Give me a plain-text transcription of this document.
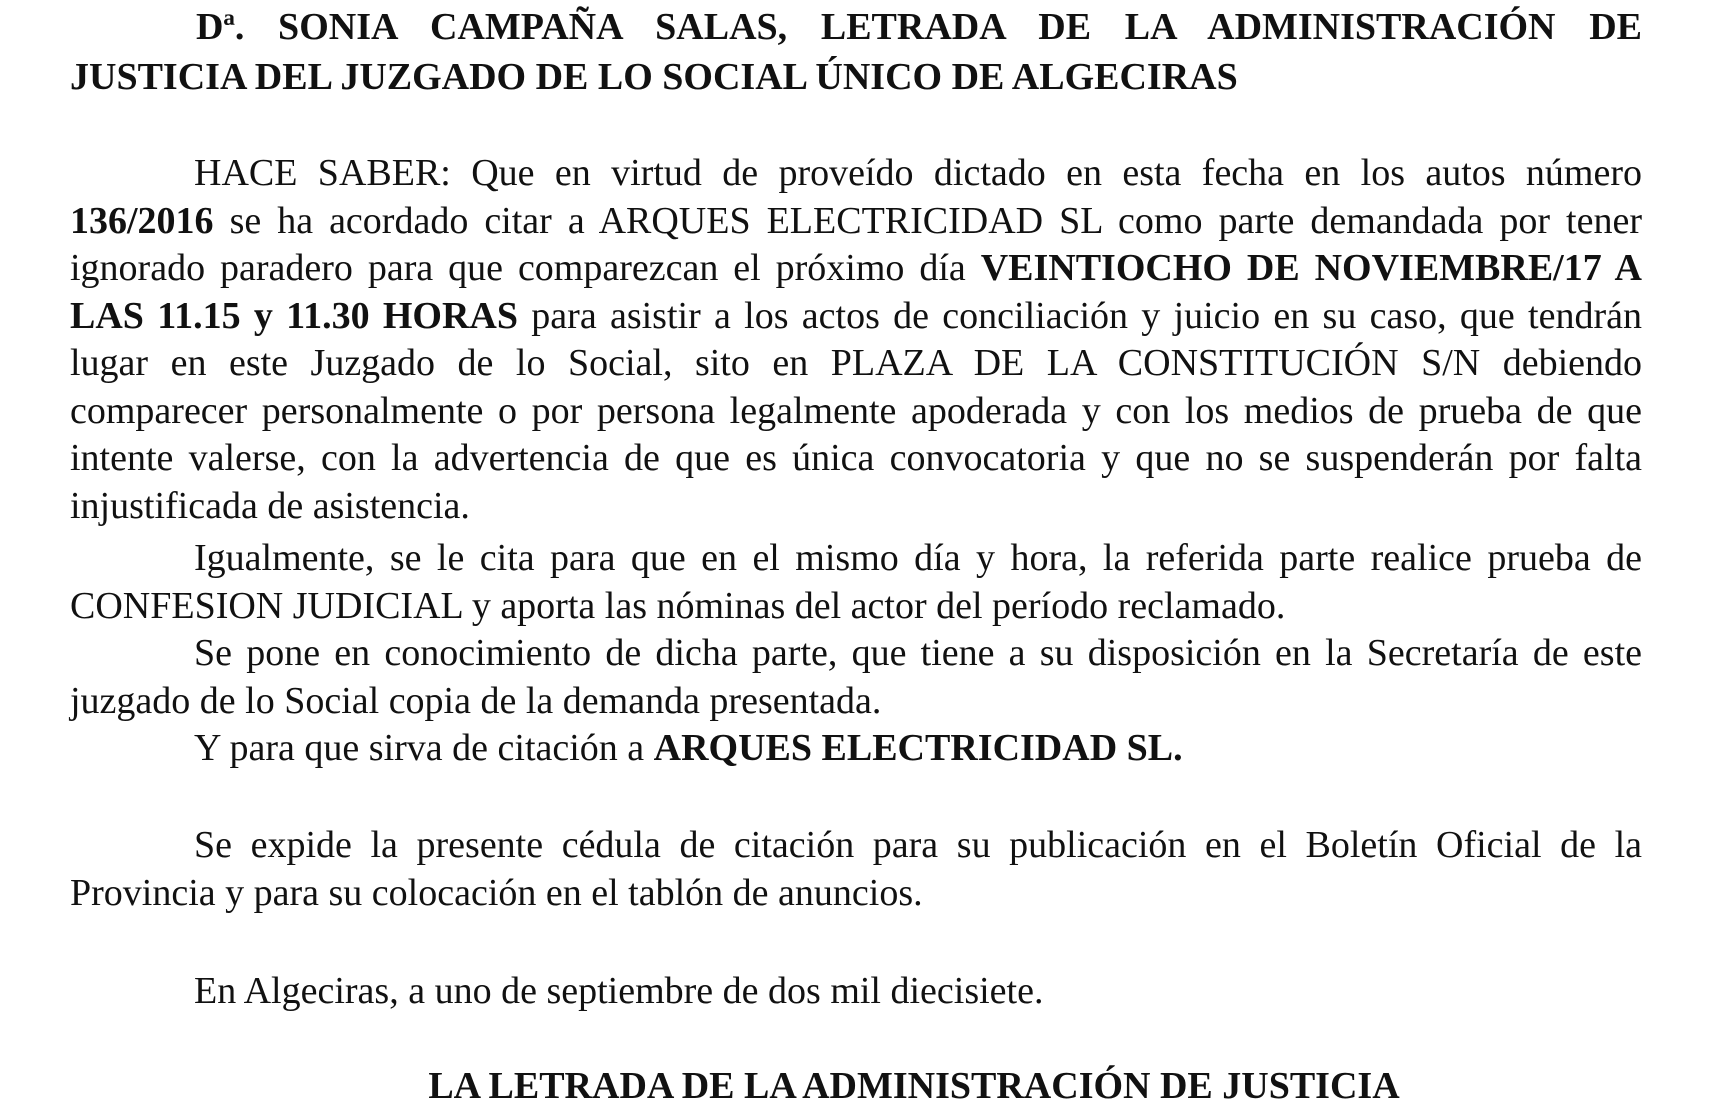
Dª. SONIA CAMPAÑA SALAS, LETRADA DE LA ADMINISTRACIÓN DE
JUSTICIA DEL JUZGADO DE LO SOCIAL ÚNICO DE ALGECIRAS

HACE SABER: Que en virtud de proveído dictado en esta fecha en los autos número 136/2016 se ha acordado citar a ARQUES ELECTRICIDAD SL como parte demandada por tener ignorado paradero para que comparezcan el próximo día VEINTIOCHO DE NOVIEMBRE/17 A LAS 11.15 y 11.30 HORAS para asistir a los actos de conciliación y juicio en su caso, que tendrán lugar en este Juzgado de lo Social, sito en PLAZA DE LA CONSTITUCIÓN S/N debiendo comparecer personalmente o por persona legalmente apoderada y con los medios de prueba de que intente valerse, con la advertencia de que es única convocatoria y que no se suspenderán por falta injustificada de asistencia.

Igualmente, se le cita para que en el mismo día y hora, la referida parte realice prueba de CONFESION JUDICIAL y aporta las nóminas del actor del período reclamado.

Se pone en conocimiento de dicha parte, que tiene a su disposición en la Secretaría de este juzgado de lo Social copia de la demanda presentada.

Y para que sirva de citación a ARQUES ELECTRICIDAD SL.

Se expide la presente cédula de citación para su publicación en el Boletín Oficial de la Provincia y para su colocación en el tablón de anuncios.

En Algeciras, a uno de septiembre de dos mil diecisiete.

LA LETRADA DE LA ADMINISTRACIÓN DE JUSTICIA
